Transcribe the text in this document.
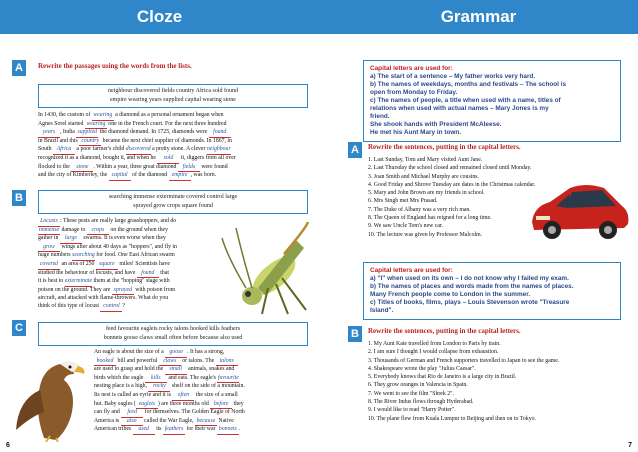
Cloze	Grammar
A	Rewrite the passages using the words from the lists.
neighbour discovered fields country Africa sold found
empire wearing years supplied capital wearing stone
In 1430, the custom of wearing a diamond as a personal ornament began when
Agnes Sorel started wearing one in the French court. For the next three hundred
years , India supplied the diamond demand. In 1725, diamonds were found
in Brazil and this country became the next chief supplier of diamonds. In 1867, in
South Africa a poor farmer's child discovered a pretty stone. A clever neighbour
recognized it as a diamond, bought it, and when he sold it, diggers from all over
flocked to the stone . Within a year, three great diamond fields were found
and the city of Kimberley, the capital of the diamond empire , was born.
B	searching immense exterminate covered control large
sprayed grow crops square found
Locusts : These pests are really large grasshoppers, and do
immense damage to crops on the ground when they
gather in large swarms. It is even worse when they
grow wings after about 40 days as "hoppers", and fly in
huge numbers searching for food. One East African swarm
covered an area of 250 square miles! Scientists have
studied the behaviour of locusts, and have found that
it is best to exterminate them at the "hopping" stage with
poison on the ground. They are sprayed with poison from
aircraft, and attacked with flame-throwers. What do you
think of this type of locust control ?
C	feed favourite eaglets rocky talons hooked kills feathers
bonnets goose claws small often before because also used
An eagle is about the size of a goose . It has a strong,
hooked bill and powerful claws or talons. The talons
are used to grasp and hold the small animals, snakes and
birds which the eagle kills and eats. The eagle's favourite
nesting place is a high, rocky shelf on the side of a mountain.
Its nest is called an eyrie and it is often the size of a small
hut. Baby eagles ( eaglets ) are three months old before they
can fly and feed for themselves. The Golden Eagle of North
America is also called the War Eagle, because Native
American tribes used its feathers for their war bonnets .
6
Capital letters are used for:
a) The start of a sentence – My father works very hard.
b) The names of weekdays, months and festivals – The school is
open from Monday to Friday.
c) The names of people, a title when used with a name, titles of
relations when used with actual names – Mary Jones is my
friend.
She shook hands with President McAleese.
He met his Aunt Mary in town.
A	Rewrite the sentences, putting in the capital letters.
1. Last Sunday, Tom and Mary visited Aunt Jane.
2. Last Thursday the school closed and remained closed until Monday.
3. Joan Smith and Michael Murphy are cousins.
4. Good Friday and Shrove Tuesday are dates in the Christmas calendar.
5. Mary and John Brown are my friends in school.
6. Mrs Singh met Mrs Prasad.
7. The Duke of Albany was a very rich man.
8. The Queen of England has reigned for a long time.
9. We saw Uncle Tom's new car.
10. The lecture was given by Professor Malcolm.
Capital letters are used for:
a) "I" when used on its own – I do not know why I failed my exam.
b) The names of places and words made from the names of places.
Many French people come to London in the summer.
c) Titles of books, films, plays – Louis Stevenson wrote "Treasure
Island".
B	Rewrite the sentences, putting in the capital letters.
1. My Aunt Kate travelled from London to Paris by train.
2. I am sure I thought I would collapse from exhaustion.
3. Thousands of German and French supporters travelled to Japan to see the game.
4. Shakespeare wrote the play "Julius Caesar".
5. Everybody knows that Rio de Janeiro is a large city in Brazil.
6. They grow oranges in Valencia in Spain.
7. We went to see the film "Shrek 2".
8. The River Indus flows through Hyderabad.
9. I would like to read "Harry Potter".
10. The plane flew from Kuala Lumpur to Beijing and then on to Tokyo.
7
